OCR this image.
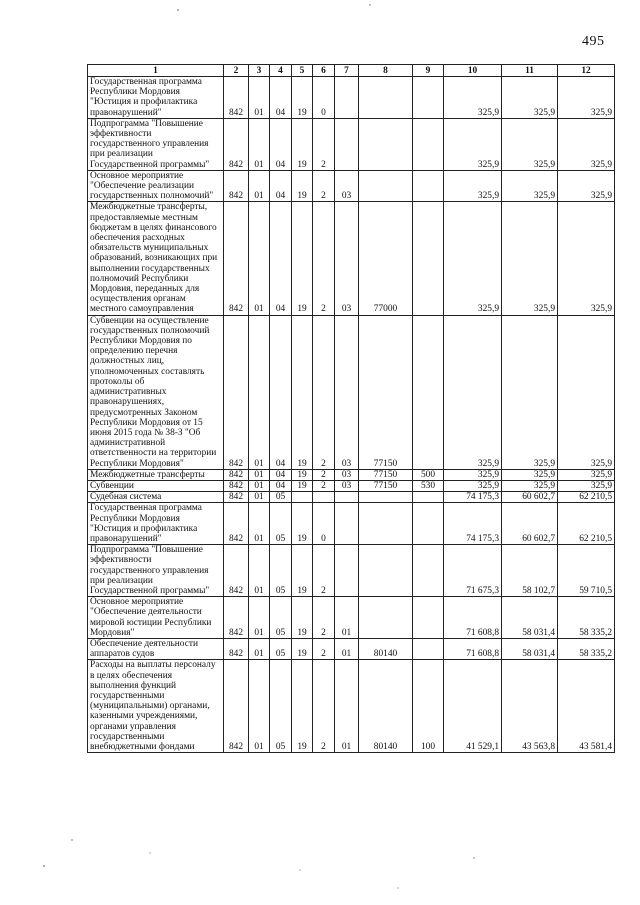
495
1	2	3	4	5	6	7	8	9	10	11	12
Государственная программа Республики Мордовия "Юстиция и профилактика правонарушений"	842	01	04	19	0				325,9	325,9	325,9
Подпрограмма "Повышение эффективности государственного управления при реализации Государственной программы"	842	01	04	19	2				325,9	325,9	325,9
Основное мероприятие "Обеспечение реализации государственных полномочий"	842	01	04	19	2	03			325,9	325,9	325,9
Межбюджетные трансферты, предоставляемые местным бюджетам в целях финансового обеспечения расходных обязательств муниципальных образований, возникающих при выполнении государственных полномочий Республики Мордовия, переданных для осуществления органам местного самоуправления	842	01	04	19	2	03	77000		325,9	325,9	325,9
Субвенции на осуществление государственных полномочий Республики Мордовия по определению перечня должностных лиц, уполномоченных составлять протоколы об административных правонарушениях, предусмотренных Законом Республики Мордовия от 15 июня 2015 года № 38-З "Об административной ответственности на территории Республики Мордовия"	842	01	04	19	2	03	77150		325,9	325,9	325,9
Межбюджетные трансферты	842	01	04	19	2	03	77150	500	325,9	325,9	325,9
Субвенции	842	01	04	19	2	03	77150	530	325,9	325,9	325,9
Судебная система	842	01	05						74 175,3	60 602,7	62 210,5
Государственная программа Республики Мордовия "Юстиция и профилактика правонарушений"	842	01	05	19	0				74 175,3	60 602,7	62 210,5
Подпрограмма "Повышение эффективности государственного управления при реализации Государственной программы"	842	01	05	19	2				71 675,3	58 102,7	59 710,5
Основное мероприятие "Обеспечение деятельности мировой юстиции Республики Мордовия"	842	01	05	19	2	01			71 608,8	58 031,4	58 335,2
Обеспечение деятельности аппаратов судов	842	01	05	19	2	01	80140		71 608,8	58 031,4	58 335,2
Расходы на выплаты персоналу в целях обеспечения выполнения функций государственными (муниципальными) органами, казенными учреждениями, органами управления государственными внебюджетными фондами	842	01	05	19	2	01	80140	100	41 529,1	43 563,8	43 581,4
